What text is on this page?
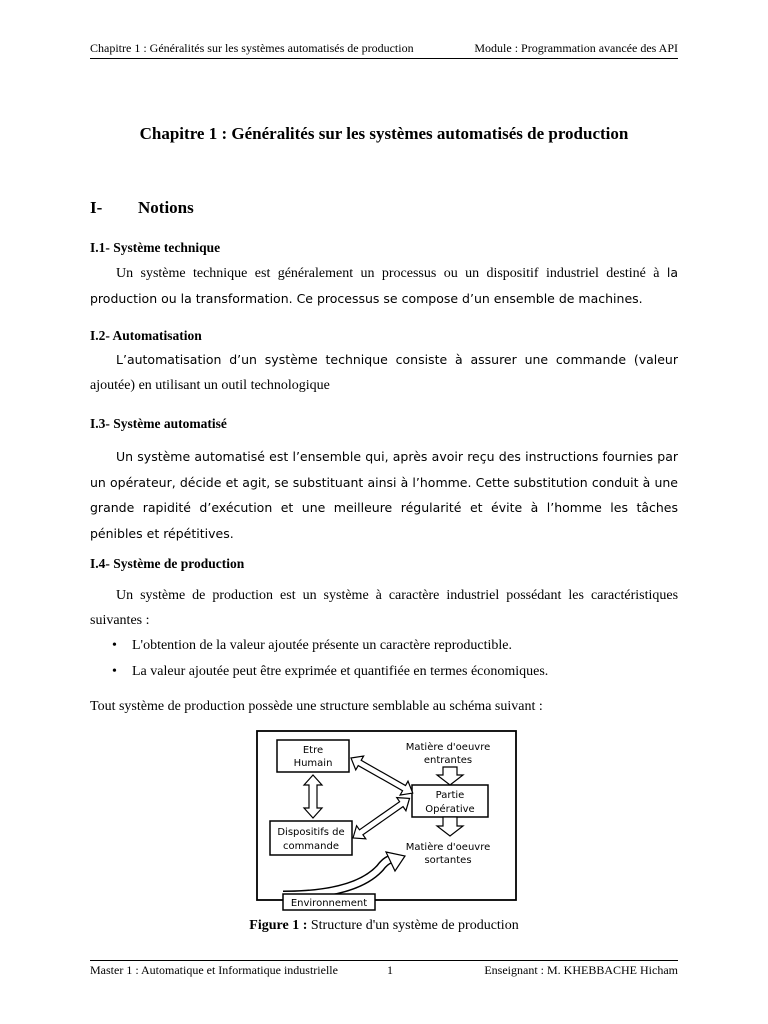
Chapitre 1 : Généralités sur les systèmes automatisés de production	Module : Programmation avancée des API
Chapitre 1 : Généralités sur les systèmes automatisés de production
I- Notions
I.1- Système technique

Un système technique est généralement un processus ou un dispositif industriel destiné à la production ou la transformation. Ce processus se compose d’un ensemble de machines.

I.2- Automatisation

L’automatisation d’un système technique consiste à assurer une commande (valeur ajoutée) en utilisant un outil technologique

I.3- Système automatisé

Un système automatisé est l’ensemble qui, après avoir reçu des instructions fournies par un opérateur, décide et agit, se substituant ainsi à l’homme. Cette substitution conduit à une grande rapidité d’exécution et une meilleure régularité et évite à l’homme les tâches pénibles et répétitives.

I.4- Système de production

Un système de production est un système à caractère industriel possédant les caractéristiques suivantes :

• L'obtention de la valeur ajoutée présente un caractère reproductible.
• La valeur ajoutée peut être exprimée et quantifiée en termes économiques.

Tout système de production possède une structure semblable au schéma suivant :

Etre
Humain
Dispositifs de
commande
Partie
Opérative
Matière d'oeuvre
entrantes
Matière d'oeuvre
sortantes
Environnement
Figure 1 : Structure d'un système de production
Master 1 : Automatique et Informatique industrielle	1	Enseignant : M. KHEBBACHE Hicham
